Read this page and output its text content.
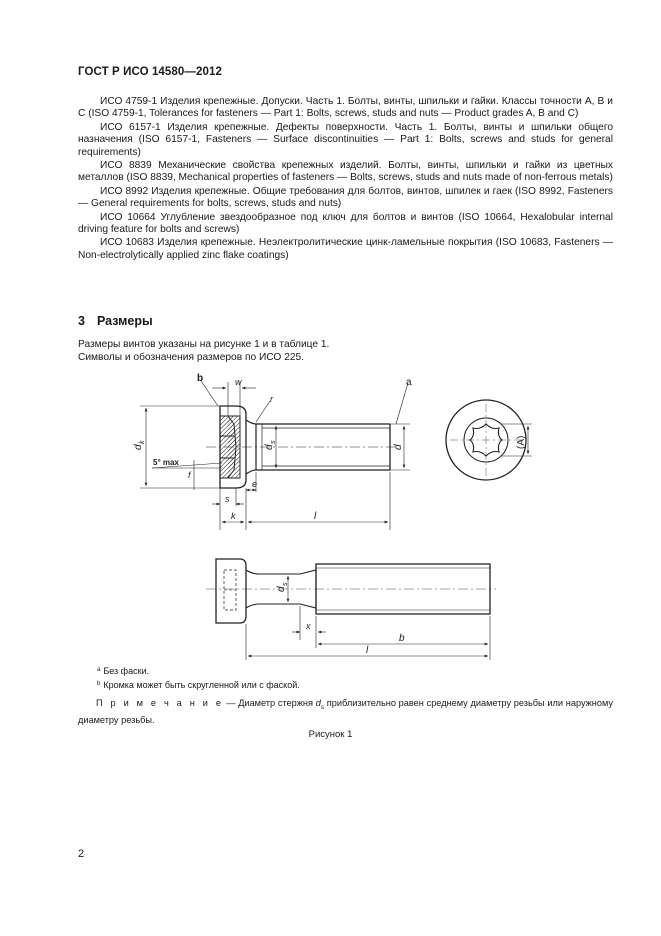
ГОСТ Р ИСО 14580—2012

ИСО 4759-1 Изделия крепежные. Допуски. Часть 1. Болты, винты, шпильки и гайки. Классы точности А, В и С (ISO 4759-1, Tolerances for fasteners — Part 1: Bolts, screws, studs and nuts — Product grades A, B and C)

ИСО 6157-1 Изделия крепежные. Дефекты поверхности. Часть 1. Болты, винты и шпильки общего назначения (ISO 6157-1, Fasteners — Surface discontinuities — Part 1: Bolts, screws and studs for general requirements)

ИСО 8839 Механические свойства крепежных изделий. Болты, винты, шпильки и гайки из цветных металлов (ISO 8839, Mechanical properties of fasteners — Bolts, screws, studs and nuts made of non-ferrous metals)

ИСО 8992 Изделия крепежные. Общие требования для болтов, винтов, шпилек и гаек (ISO 8992, Fasteners — General requirements for bolts, screws, studs and nuts)

ИСО 10664 Углубление звездообразное под ключ для болтов и винтов (ISO 10664, Hexalobular internal driving feature for bolts and screws)

ИСО 10683 Изделия крепежные. Нeэлектролитические цинк-ламельные покрытия (ISO 10683, Fasteners — Non-electrolytically applied zinc flake coatings)

3 Размеры
Размеры винтов указаны на рисунке 1 и в таблице 1.
Символы и обозначения размеров по ИСО 225.
b	a
w
r
d
k
d
s
d
5° max
f
e
s
k	l
(A)
d
s
x
b
l
$^a$ Без фаски.
$^b$ Кромка может быть скругленной или с фаской.
П р и м е ч а н и е — Диаметр стержня $d_s$ приблизительно равен среднему диаметру резьбы или наружному диаметру резьбы.
Рисунок 1
2
